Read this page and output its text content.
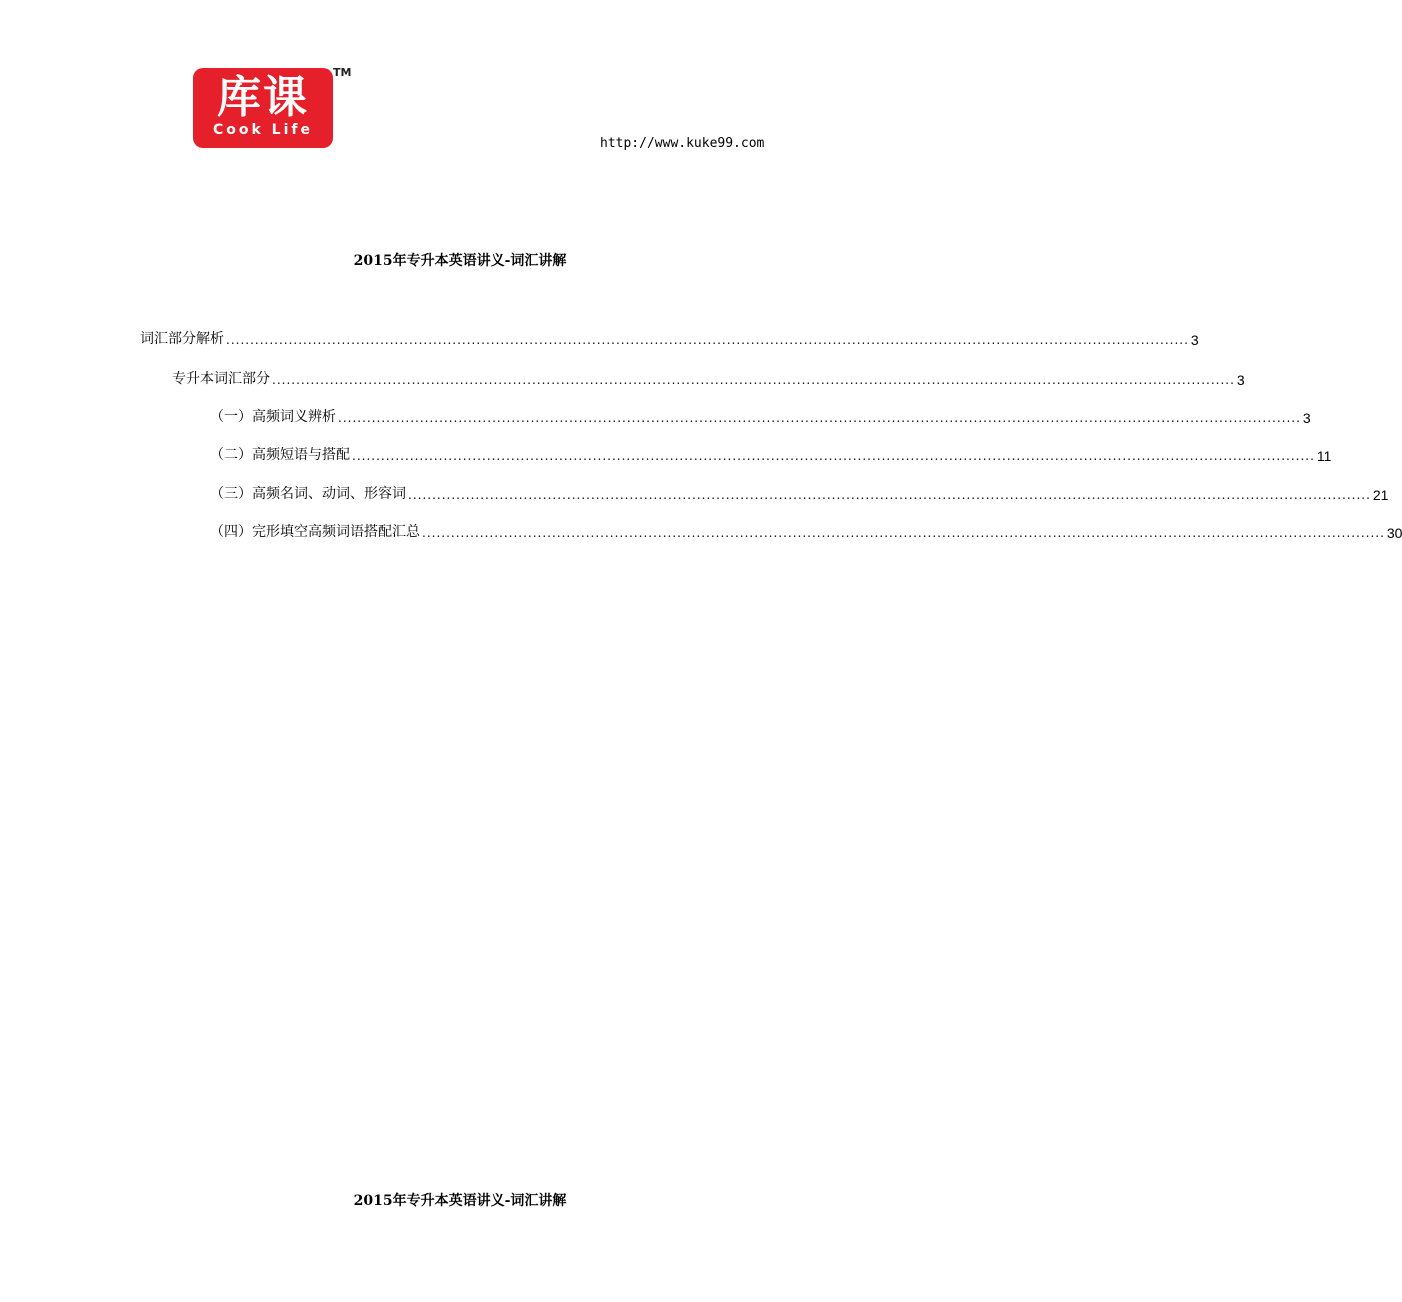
库课
Cook Life
TM
http://www.kuke99.com
2015年专升本英语讲义-词汇讲解
词汇部分解析 ........................................................................................................................................................................................................ 3
专升本词汇部分 ........................................................................................................................................................................................................ 3
（一）高频词义辨析 ........................................................................................................................................................................................................ 3
（二）高频短语与搭配 ........................................................................................................................................................................................................ 11
（三）高频名词、动词、形容词 ........................................................................................................................................................................................................ 21
（四）完形填空高频词语搭配汇总 ........................................................................................................................................................................................................ 30
2015年专升本英语讲义-词汇讲解
